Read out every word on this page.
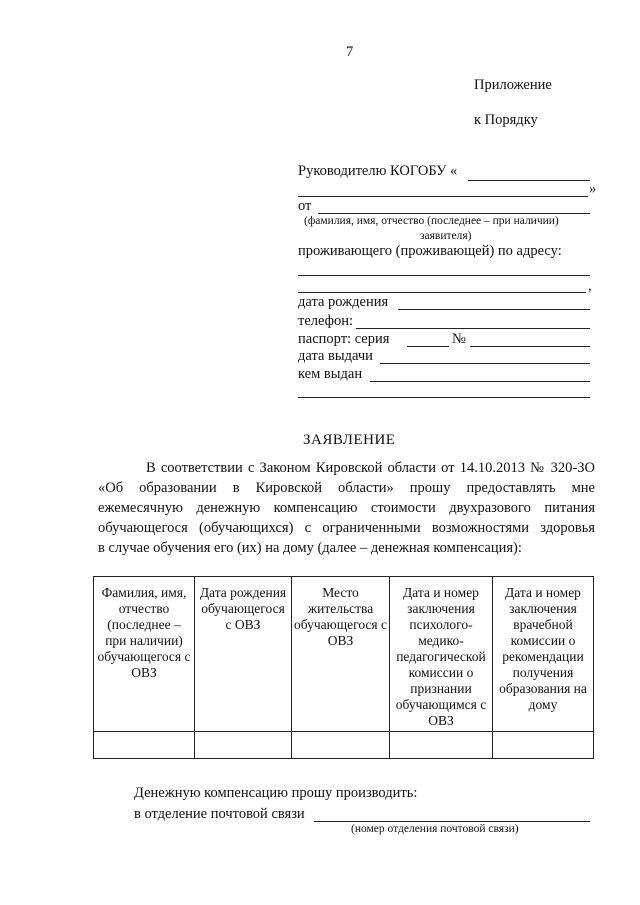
7
Приложение
к Порядку
Руководителю КОГОБУ «
»
от
(фамилия, имя, отчество (последнее – при наличии)
заявителя)
проживающего (проживающей) по адресу:
,
дата рождения
телефон:
паспорт: серия	№
дата выдачи
кем выдан
ЗАЯВЛЕНИЕ
В соответствии с Законом Кировской области от 14.10.2013 № 320-ЗО
«Об образовании в Кировской области» прошу предоставлять мне
ежемесячную денежную компенсацию стоимости двухразового питания
обучающегося (обучающихся) с ограниченными возможностями здоровья
в случае обучения его (их) на дому (далее – денежная компенсация):
Фамилия, имя, отчество (последнее – при наличии) обучающегося с ОВЗ	Дата рождения обучающегося с ОВЗ	Место жительства обучающегося с ОВЗ	Дата и номер заключения психолого-медико-педагогической комиссии о признании обучающимся с ОВЗ	Дата и номер заключения врачебной комиссии о рекомендации получения образования на дому

Денежную компенсацию прошу производить:
в отделение почтовой связи
(номер отделения почтовой связи)
